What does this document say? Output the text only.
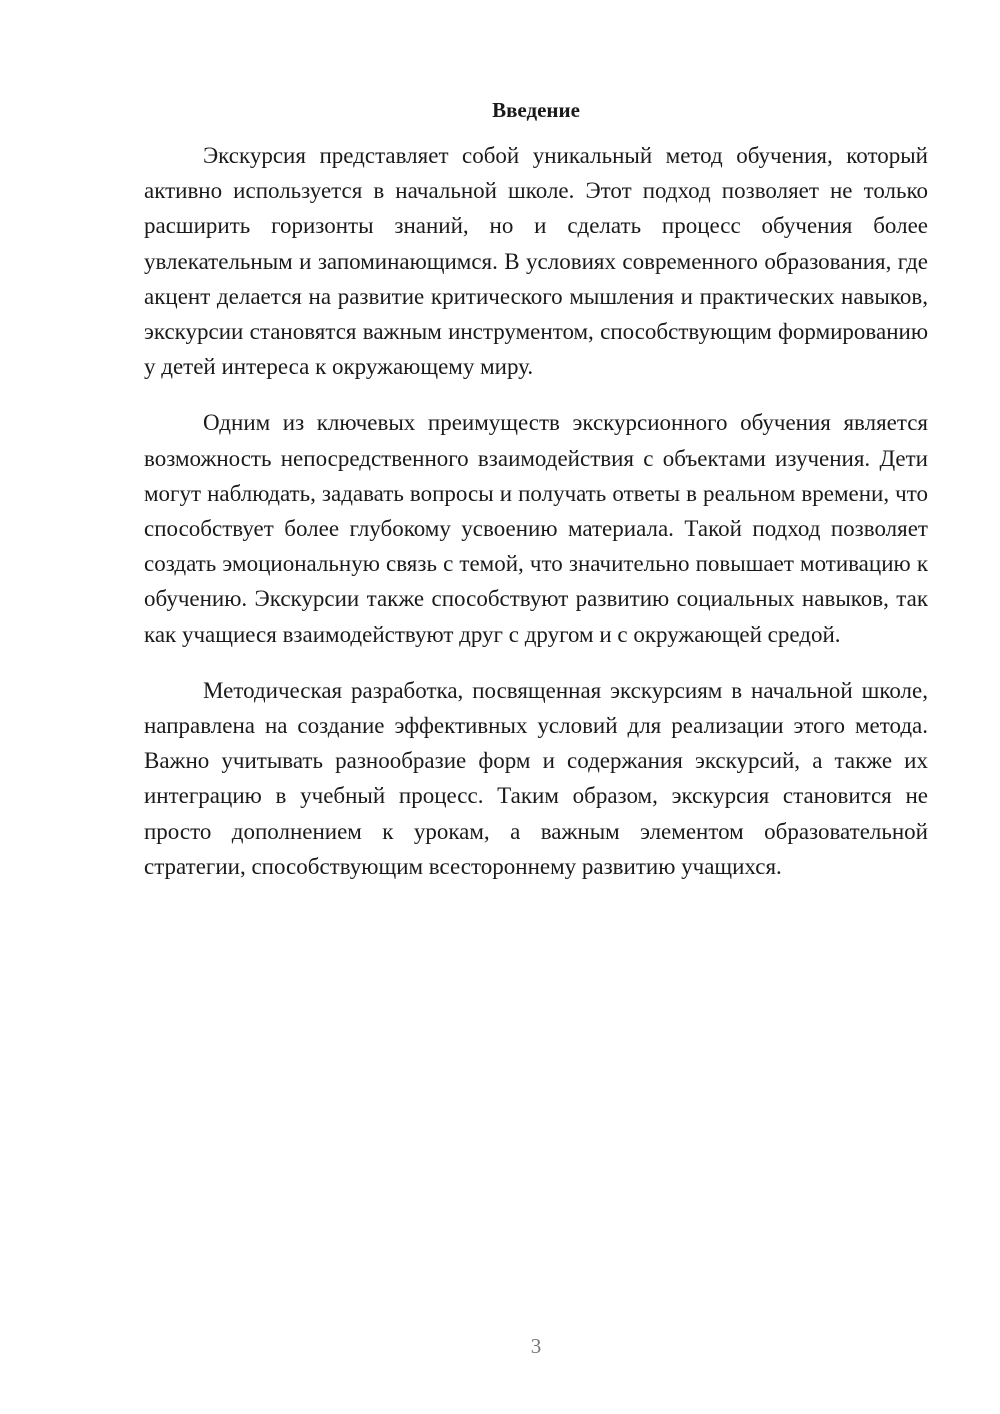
Введение

Экскурсия представляет собой уникальный метод обучения, который активно используется в начальной школе. Этот подход позволяет не только расширить горизонты знаний, но и сделать процесс обучения более увлекательным и запоминающимся. В условиях современного образования, где акцент делается на развитие критического мышления и практических навыков, экскурсии становятся важным инструментом, способствующим формированию у детей интереса к окружающему миру.

Одним из ключевых преимуществ экскурсионного обучения является возможность непосредственного взаимодействия с объектами изучения. Дети могут наблюдать, задавать вопросы и получать ответы в реальном времени, что способствует более глубокому усвоению материала. Такой подход позволяет создать эмоциональную связь с темой, что значительно повышает мотивацию к обучению. Экскурсии также способствуют развитию социальных навыков, так как учащиеся взаимодействуют друг с другом и с окружающей средой.

Методическая разработка, посвященная экскурсиям в начальной школе, направлена на создание эффективных условий для реализации этого метода. Важно учитывать разнообразие форм и содержания экскурсий, а также их интеграцию в учебный процесс. Таким образом, экскурсия становится не просто дополнением к урокам, а важным элементом образовательной стратегии, способствующим всестороннему развитию учащихся.

3
